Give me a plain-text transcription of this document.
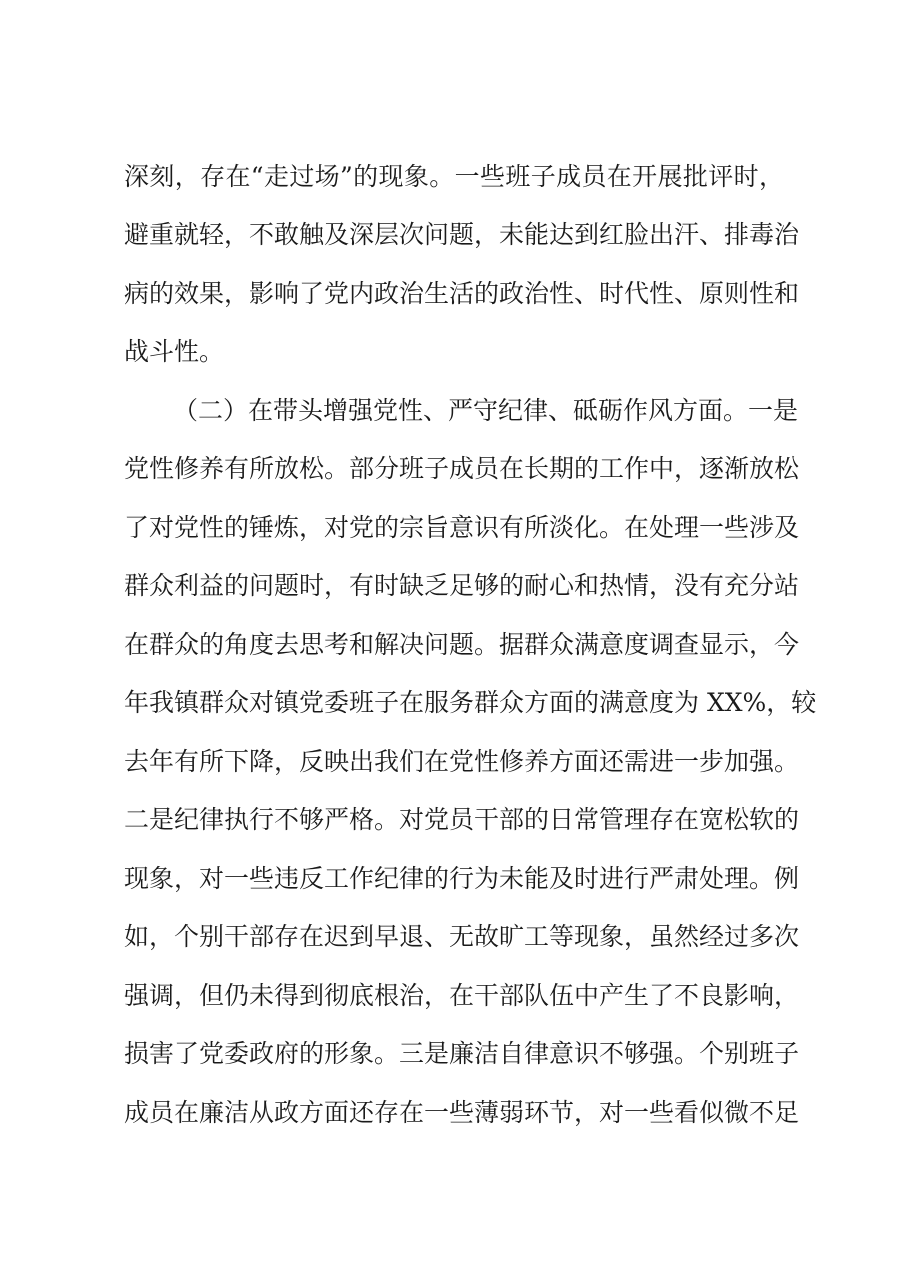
深刻，存在“走过场”的现象。一些班子成员在开展批评时，
避重就轻，不敢触及深层次问题，未能达到红脸出汗、排毒治
病的效果，影响了党内政治生活的政治性、时代性、原则性和
战斗性。
（二）在带头增强党性、严守纪律、砥砺作风方面。一是
党性修养有所放松。部分班子成员在长期的工作中，逐渐放松
了对党性的锤炼，对党的宗旨意识有所淡化。在处理一些涉及
群众利益的问题时，有时缺乏足够的耐心和热情，没有充分站
在群众的角度去思考和解决问题。据群众满意度调查显示，今
年我镇群众对镇党委班子在服务群众方面的满意度为 XX%，较
去年有所下降，反映出我们在党性修养方面还需进一步加强。
二是纪律执行不够严格。对党员干部的日常管理存在宽松软的
现象，对一些违反工作纪律的行为未能及时进行严肃处理。例
如，个别干部存在迟到早退、无故旷工等现象，虽然经过多次
强调，但仍未得到彻底根治，在干部队伍中产生了不良影响，
损害了党委政府的形象。三是廉洁自律意识不够强。个别班子
成员在廉洁从政方面还存在一些薄弱环节，对一些看似微不足
